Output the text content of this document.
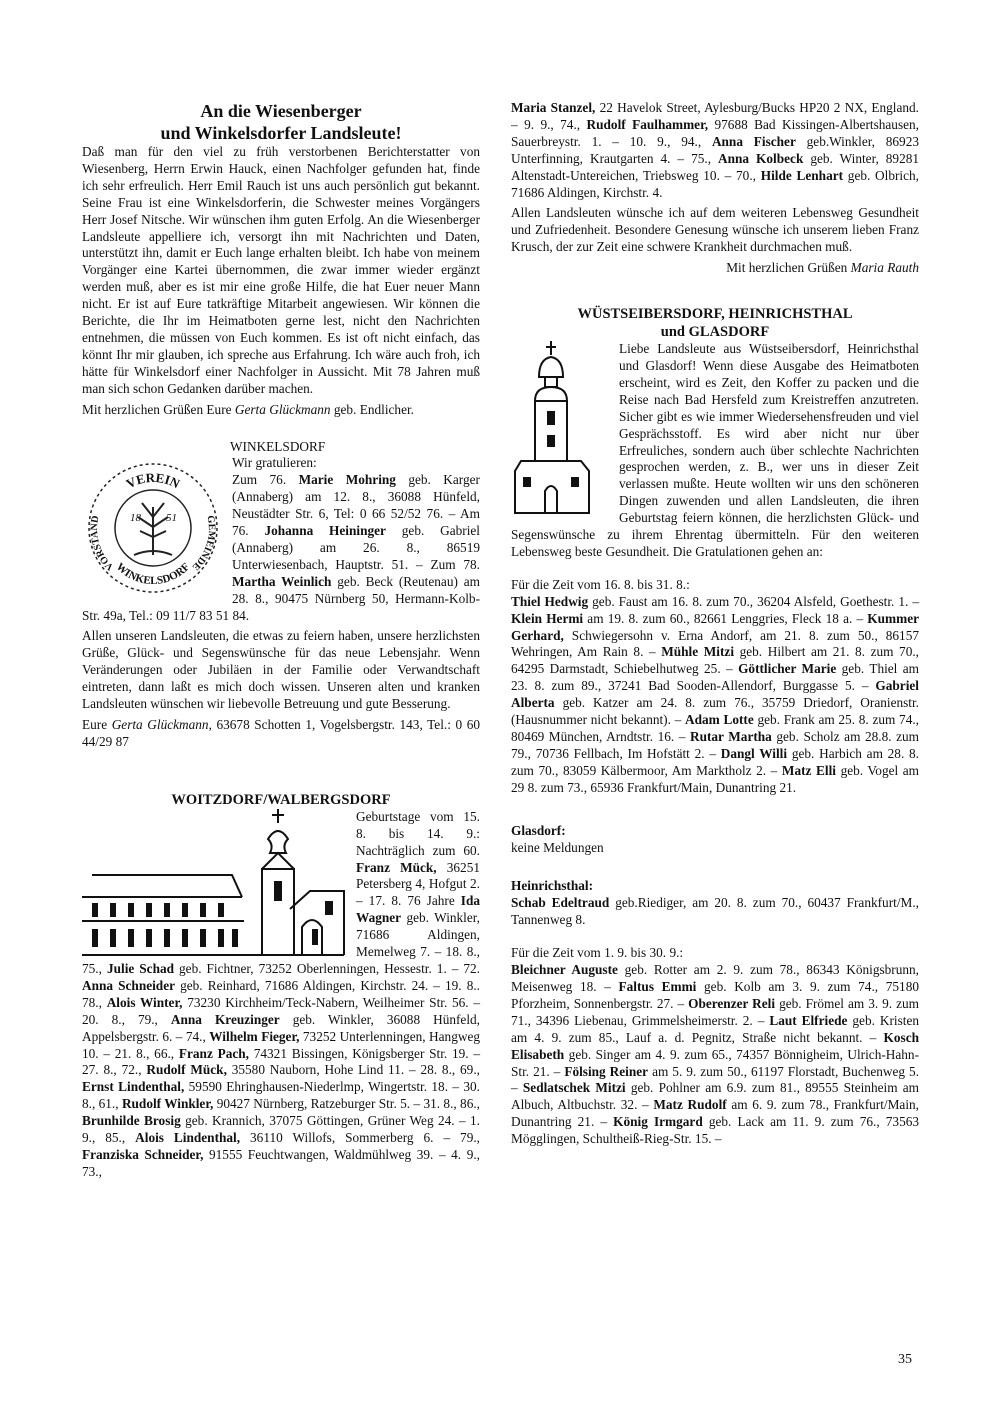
An die Wiesenberger
und Winkelsdorfer Landsleute!

Daß man für den viel zu früh verstorbenen Berichterstatter von Wiesenberg, Herrn Erwin Hauck, einen Nachfolger gefunden hat, finde ich sehr erfreulich. Herr Emil Rauch ist uns auch persönlich gut bekannt. Seine Frau ist eine Winkelsdorferin, die Schwester meines Vorgängers Herr Josef Nitsche. Wir wünschen ihm guten Erfolg. An die Wiesenberger Landsleute appelliere ich, versorgt ihn mit Nachrichten und Daten, unterstützt ihn, damit er Euch lange erhalten bleibt. Ich habe von meinem Vorgänger eine Kartei übernommen, die zwar immer wieder ergänzt werden muß, aber es ist mir eine große Hilfe, die hat Euer neuer Mann nicht. Er ist auf Eure tatkräftige Mitarbeit angewiesen. Wir können die Berichte, die Ihr im Heimatboten gerne lest, nicht den Nachrichten entnehmen, die müssen von Euch kommen. Es ist oft nicht einfach, das könnt Ihr mir glauben, ich spreche aus Erfahrung. Ich wäre auch froh, ich hätte für Winkelsdorf einer Nachfolger in Aussicht. Mit 78 Jahren muß man sich schon Gedanken darüber machen.

Mit herzlichen Grüßen Eure Gerta Glückmann geb. Endlicher.

WINKELSDORF
VEREIN
WINKELSDORF
VORSTAND	GEMEINDE
18 51
Wir gratulieren:

Zum 76. Marie Mohring geb. Karger (Annaberg) am 12. 8., 36088 Hünfeld, Neustädter Str. 6, Tel: 0 66 52/52 76. – Am 76. Johanna Heininger geb. Gabriel (Annaberg) am 26. 8., 86519 Unterwiesenbach, Hauptstr. 51. – Zum 78. Martha Weinlich geb. Beck (Reutenau) am 28. 8., 90475 Nürnberg 50, Hermann-Kolb-Str. 49a, Tel.: 09 11/7 83 51 84.

Allen unseren Landsleuten, die etwas zu feiern haben, unsere herzlichsten Grüße, Glück- und Segenswünsche für das neue Lebensjahr. Wenn Veränderungen oder Jubiläen in der Familie oder Verwandtschaft eintreten, dann laßt es mich doch wissen. Unseren alten und kranken Landsleuten wünschen wir liebevolle Betreuung und gute Besserung.

Eure Gerta Glückmann, 63678 Schotten 1, Vogelsbergstr. 143, Tel.: 0 60 44/29 87

WOITZDORF/WALBERGSDORF

Geburtstage vom 15. 8. bis 14. 9.: Nachträglich zum 60. Franz Mück, 36251 Petersberg 4, Hofgut 2. – 17. 8. 76 Jahre Ida Wagner geb. Winkler, 71686 Aldingen, Memelweg 7. – 18. 8., 75., Julie Schad geb. Fichtner, 73252 Oberlenningen, Hessestr. 1. – 72. Anna Schneider geb. Reinhard, 71686 Aldingen, Kirchstr. 24. – 19. 8.. 78., Alois Winter, 73230 Kirchheim/Teck-Nabern, Weilheimer Str. 56. – 20. 8., 79., Anna Kreuzinger geb. Winkler, 36088 Hünfeld, Appelsbergstr. 6. – 74., Wilhelm Fieger, 73252 Unterlenningen, Hangweg 10. – 21. 8., 66., Franz Pach, 74321 Bissingen, Königsberger Str. 19. – 27. 8., 72., Rudolf Mück, 35580 Nauborn, Hohe Lind 11. – 28. 8., 69., Ernst Lindenthal, 59590 Ehringhausen-Niederlmp, Wingertstr. 18. – 30. 8., 61., Rudolf Winkler, 90427 Nürnberg, Ratzeburger Str. 5. – 31. 8., 86., Brunhilde Brosig geb. Krannich, 37075 Göttingen, Grüner Weg 24. – 1. 9., 85., Alois Lindenthal, 36110 Willofs, Sommerberg 6. – 79., Franziska Schneider, 91555 Feuchtwangen, Waldmühlweg 39. – 4. 9., 73.,

Maria Stanzel, 22 Havelok Street, Aylesburg/Bucks HP20 2 NX, England. – 9. 9., 74., Rudolf Faulhammer, 97688 Bad Kissingen-Albertshausen, Sauerbreystr. 1. – 10. 9., 94., Anna Fischer geb.Winkler, 86923 Unterfinning, Krautgarten 4. – 75., Anna Kolbeck geb. Winter, 89281 Altenstadt-Untereichen, Triebsweg 10. – 70., Hilde Lenhart geb. Olbrich, 71686 Aldingen, Kirchstr. 4.

Allen Landsleuten wünsche ich auf dem weiteren Lebensweg Gesundheit und Zufriedenheit. Besondere Genesung wünsche ich unserem lieben Franz Krusch, der zur Zeit eine schwere Krankheit durchmachen muß.

Mit herzlichen Grüßen Maria Rauth

WÜSTSEIBERSDORF, HEINRICHSTHAL
und GLASDORF

Liebe Landsleute aus Wüstseibersdorf, Heinrichsthal und Glasdorf! Wenn diese Ausgabe des Heimatboten erscheint, wird es Zeit, den Koffer zu packen und die Reise nach Bad Hersfeld zum Kreistreffen anzutreten. Sicher gibt es wie immer Wiedersehensfreuden und viel Gesprächsstoff. Es wird aber nicht nur über Erfreuliches, sondern auch über schlechte Nachrichten gesprochen werden, z. B., wer uns in dieser Zeit verlassen mußte. Heute wollten wir uns den schöneren Dingen zuwenden und allen Landsleuten, die ihren Geburtstag feiern können, die herzlichsten Glück- und Segenswünsche zu ihrem Ehrentag übermitteln. Für den weiteren Lebensweg beste Gesundheit. Die Gratulationen gehen an:

Für die Zeit vom 16. 8. bis 31. 8.:

Thiel Hedwig geb. Faust am 16. 8. zum 70., 36204 Alsfeld, Goethestr. 1. – Klein Hermi am 19. 8. zum 60., 82661 Lenggries, Fleck 18 a. – Kummer Gerhard, Schwiegersohn v. Erna Andorf, am 21. 8. zum 50., 86157 Wehringen, Am Rain 8. – Mühle Mitzi geb. Hilbert am 21. 8. zum 70., 64295 Darmstadt, Schiebelhutweg 25. – Göttlicher Marie geb. Thiel am 23. 8. zum 89., 37241 Bad Sooden-Allendorf, Burggasse 5. – Gabriel Alberta geb. Katzer am 24. 8. zum 76., 35759 Driedorf, Oranienstr. (Hausnummer nicht bekannt). – Adam Lotte geb. Frank am 25. 8. zum 74., 80469 München, Arndtstr. 16. – Rutar Martha geb. Scholz am 28.8. zum 79., 70736 Fellbach, Im Hofstätt 2. – Dangl Willi geb. Harbich am 28. 8. zum 70., 83059 Kälbermoor, Am Marktholz 2. – Matz Elli geb. Vogel am 29 8. zum 73., 65936 Frankfurt/Main, Dunantring 21.

Glasdorf:
keine Meldungen
Heinrichsthal:

Schab Edeltraud geb.Riediger, am 20. 8. zum 70., 60437 Frankfurt/M., Tannenweg 8.

Für die Zeit vom 1. 9. bis 30. 9.:

Bleichner Auguste geb. Rotter am 2. 9. zum 78., 86343 Königsbrunn, Meisenweg 18. – Faltus Emmi geb. Kolb am 3. 9. zum 74., 75180 Pforzheim, Sonnenbergstr. 27. – Oberenzer Reli geb. Frömel am 3. 9. zum 71., 34396 Liebenau, Grimmelsheimerstr. 2. – Laut Elfriede geb. Kristen am 4. 9. zum 85., Lauf a. d. Pegnitz, Straße nicht bekannt. – Kosch Elisabeth geb. Singer am 4. 9. zum 65., 74357 Bönnigheim, Ulrich-Hahn-Str. 21. – Fölsing Reiner am 5. 9. zum 50., 61197 Florstadt, Buchenweg 5. – Sedlatschek Mitzi geb. Pohlner am 6.9. zum 81., 89555 Steinheim am Albuch, Altbuchstr. 32. – Matz Rudolf am 6. 9. zum 78., Frankfurt/Main, Dunantring 21. – König Irmgard geb. Lack am 11. 9. zum 76., 73563 Mögglingen, Schultheiß-Rieg-Str. 15. –

35
